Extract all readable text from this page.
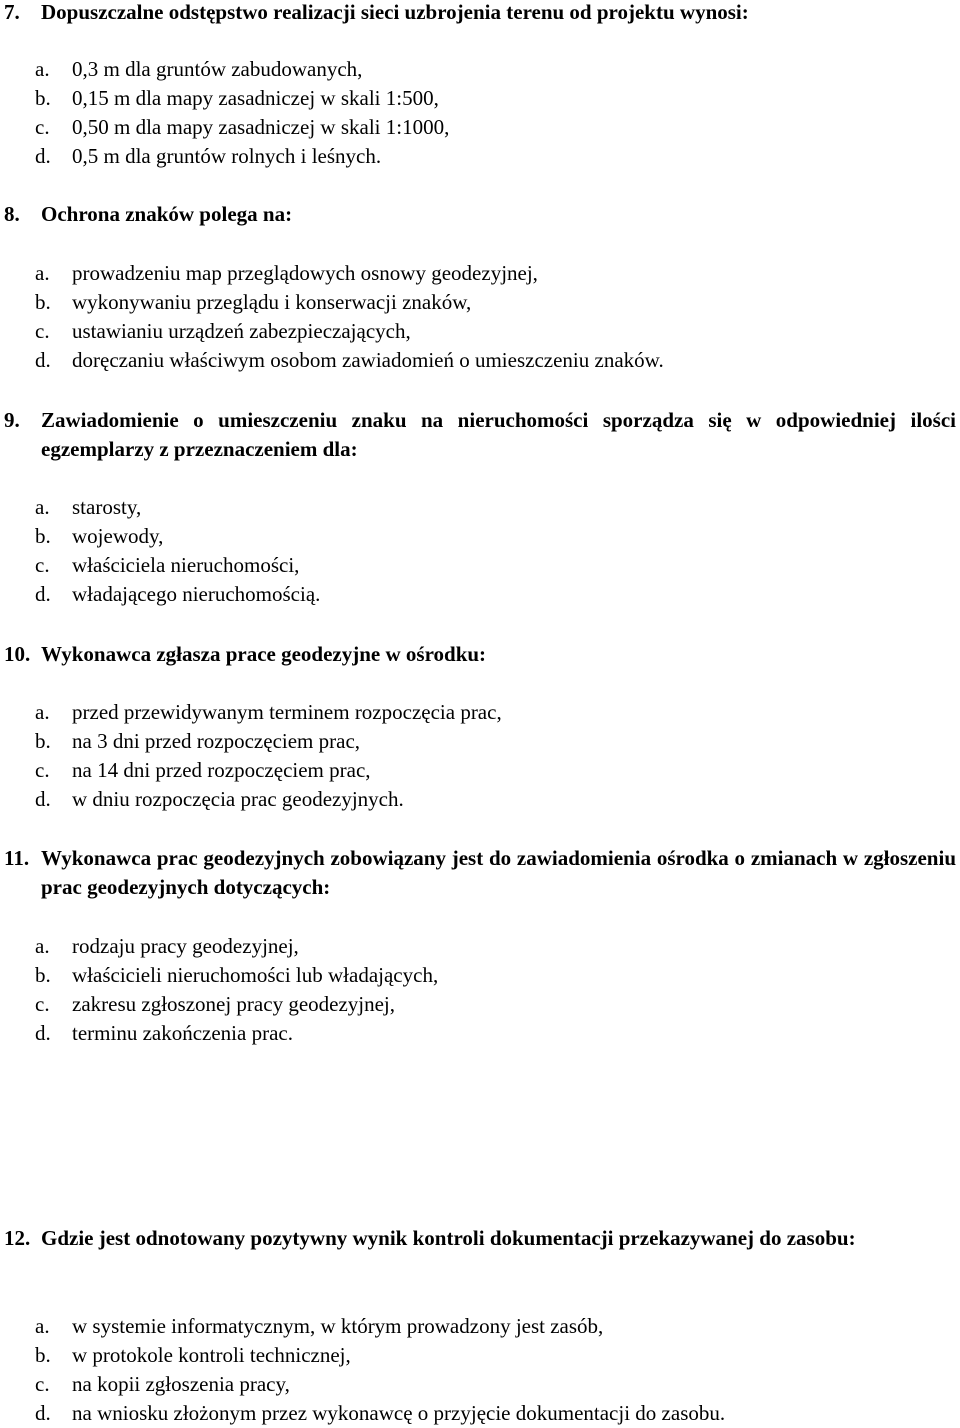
7. Dopuszczalne odstępstwo realizacji sieci uzbrojenia terenu od projektu wynosi:
a. 0,3 m dla gruntów zabudowanych,
b. 0,15 m dla mapy zasadniczej w skali 1:500,
c. 0,50 m dla mapy zasadniczej w skali 1:1000,
d. 0,5 m dla gruntów rolnych i leśnych.
8. Ochrona znaków polega na:
a. prowadzeniu map przeglądowych osnowy geodezyjnej,
b. wykonywaniu przeglądu i konserwacji znaków,
c. ustawianiu urządzeń zabezpieczających,
d. doręczaniu właściwym osobom zawiadomień o umieszczeniu znaków.
9. Zawiadomienie o umieszczeniu znaku na nieruchomości sporządza się w odpowiedniej ilości egzemplarzy z przeznaczeniem dla:
a. starosty,
b. wojewody,
c. właściciela nieruchomości,
d. władającego nieruchomością.
10. Wykonawca zgłasza prace geodezyjne w ośrodku:
a. przed przewidywanym terminem rozpoczęcia prac,
b. na 3 dni przed rozpoczęciem prac,
c. na 14 dni przed rozpoczęciem prac,
d. w dniu rozpoczęcia prac geodezyjnych.
11. Wykonawca prac geodezyjnych zobowiązany jest do zawiadomienia ośrodka o zmianach w zgłoszeniu prac geodezyjnych dotyczących:
a. rodzaju pracy geodezyjnej,
b. właścicieli nieruchomości lub władających,
c. zakresu zgłoszonej pracy geodezyjnej,
d. terminu zakończenia prac.
12. Gdzie jest odnotowany pozytywny wynik kontroli dokumentacji przekazywanej do zasobu:
a. w systemie informatycznym, w którym prowadzony jest zasób,
b. w protokole kontroli technicznej,
c. na kopii zgłoszenia pracy,
d. na wniosku złożonym przez wykonawcę o przyjęcie dokumentacji do zasobu.
